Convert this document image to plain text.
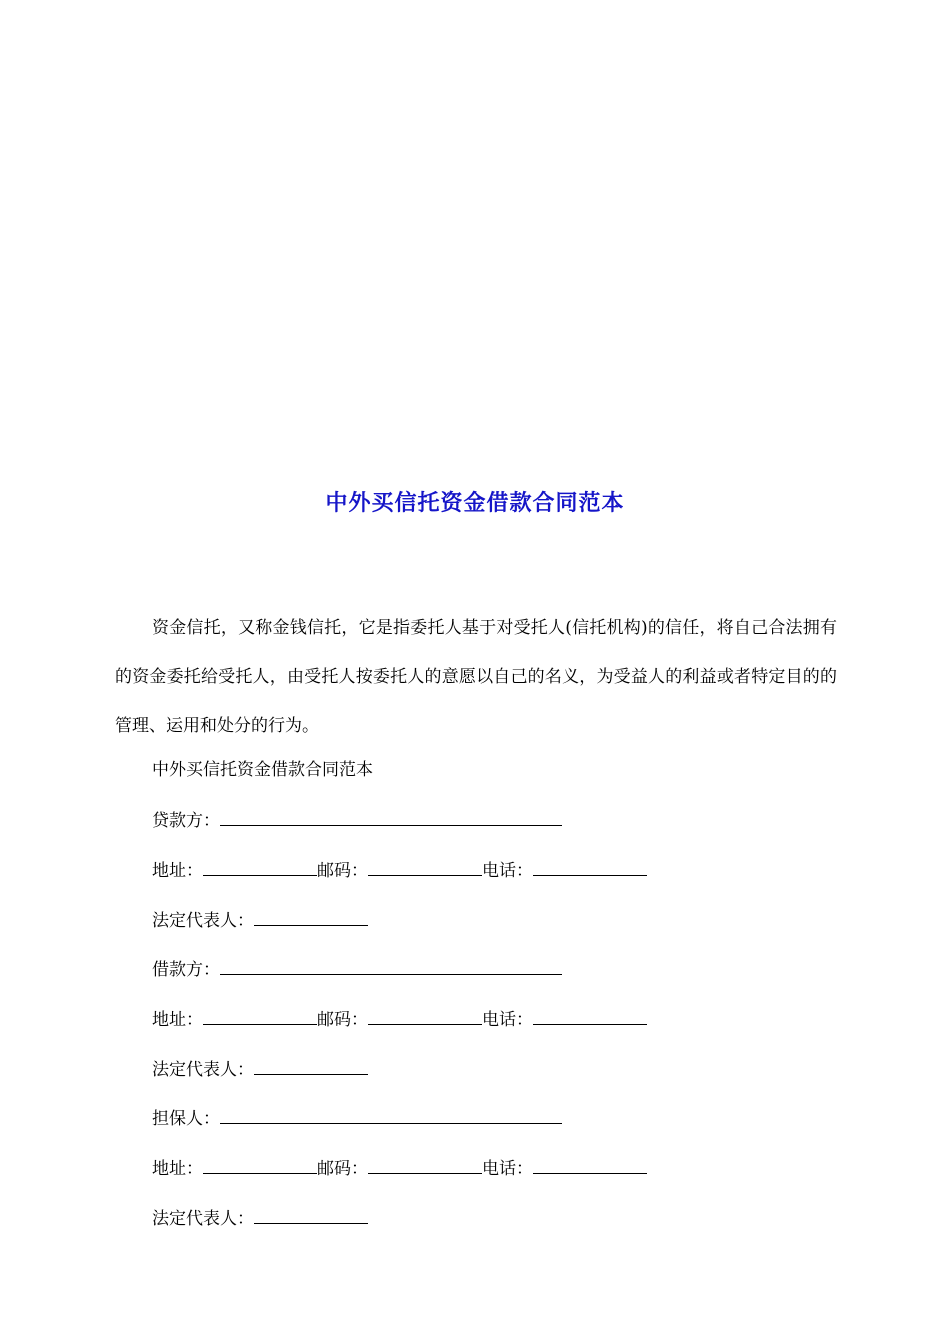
中外买信托资金借款合同范本

资金信托，又称金钱信托，它是指委托人基于对受托人(信托机构)的信任，将自己合法拥有的资金委托给受托人，由受托人按委托人的意愿以自己的名义，为受益人的利益或者特定目的的管理、运用和处分的行为。

中外买信托资金借款合同范本
贷款方：
地址：	邮码：	电话：
法定代表人：
借款方：
地址：	邮码：	电话：
法定代表人：
担保人：
地址：	邮码：	电话：
法定代表人：
